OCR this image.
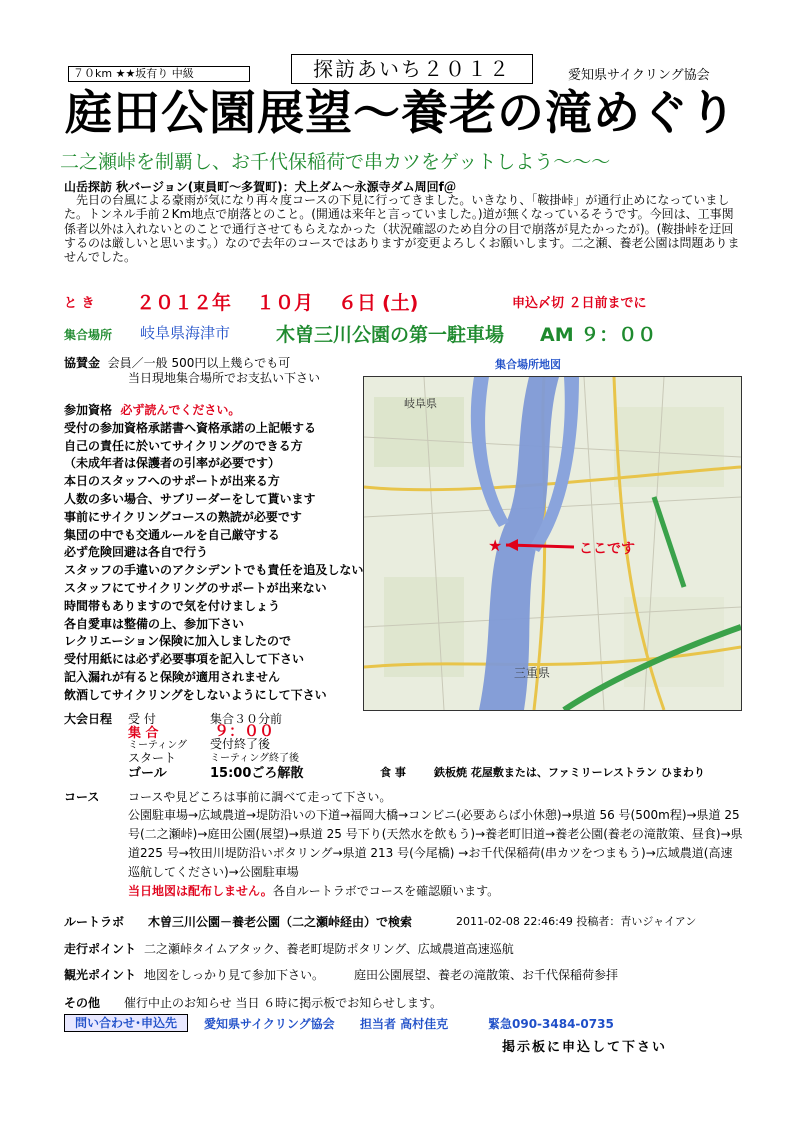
７０km ★★坂有り 中級	探訪あいち２０１２	愛知県サイクリング協会
庭田公園展望～養老の滝めぐり
二之瀬峠を制覇し、お千代保稲荷で串カツをゲットしよう～～～
山岳探訪 秋バージョン(東員町～多賀町)：犬上ダム～永源寺ダム周回f＠
先日の台風による豪雨が気になり再々度コースの下見に行ってきました。いきなり、「鞍掛峠」が通行止めになっていました。トンネル手前２Km地点で崩落とのこと。(開通は来年と言っていました。)道が無くなっているそうです。今回は、工事関係者以外は入れないとのことで通行させてもらえなかった（状況確認のため自分の目で崩落が見たかったが)。(鞍掛峠を迂回するのは厳しいと思います。）なので去年のコースではありますが変更よろしくお願いします。二之瀬、養老公園は問題ありませんでした。
と き ２０１２年 １０月 ６日 (土)	申込〆切 ２日前までに
集合場所 岐阜県海津市 木曽三川公園の第一駐車場 AM ９：００
協賛金 会員／一般 500円以上幾らでも可
当日現地集合場所でお支払い下さい
集合場所地図
★	ここです
三重県
岐阜県
参加資格 必ず読んでください。
受付の参加資格承諾書へ資格承諾の上記帳する
自己の責任に於いてサイクリングのできる方
（未成年者は保護者の引率が必要です）
本日のスタッフへのサポートが出来る方
人数の多い場合、サブリーダーをして貰います
事前にサイクリングコースの熟読が必要です
集団の中でも交通ルールを自己厳守する
必ず危険回避は各自で行う
スタッフの手違いのアクシデントでも責任を追及しない
スタッフにてサイクリングのサポートが出来ない
時間帯もありますので気を付けましょう
各自愛車は整備の上、参加下さい
レクリエーション保険に加入しましたので
受付用紙には必ず必要事項を記入して下さい
記入漏れが有ると保険が適用されません
飲酒してサイクリングをしないようにして下さい
大会日程 受 付	集合３０分前
集 合	９：００
ミーティング 受付終了後
スタート	ミーティング終了後
ゴール	15:00ごろ解散	食 事	鉄板焼 花屋敷または、ファミリーレストラン ひまわり
コース コースや見どころは事前に調べて走って下さい。
公園駐車場→広域農道→堤防沿いの下道→福岡大橋→コンビニ(必要あらば小休憩)→県道 56 号(500m程)→県道 25 号(二之瀬峠)→庭田公園(展望)→県道 25 号下り(天然水を飲もう)→養老町旧道→養老公園(養老の滝散策、昼食)→県道225 号→牧田川堤防沿いポタリング→県道 213 号(今尾橋) →お千代保稲荷(串カツをつまもう)→広域農道(高速巡航してください)→公園駐車場
当日地図は配布しません。各自ルートラボでコースを確認願います。
ルートラボ 木曽三川公園－養老公園（二之瀬峠経由）で検索	2011-02-08 22:46:49 投稿者：青いジャイアン
走行ポイント 二之瀬峠タイムアタック、養老町堤防ポタリング、広域農道高速巡航
観光ポイント 地図をしっかり見て参加下さい。 庭田公園展望、養老の滝散策、お千代保稲荷参拝
その他 催行中止のお知らせ 当日 ６時に掲示板でお知らせします。
問い合わせ･申込先	愛知県サイクリング協会 担当者 高村佳克	緊急090-3484-0735
掲示板に申込して下さい
